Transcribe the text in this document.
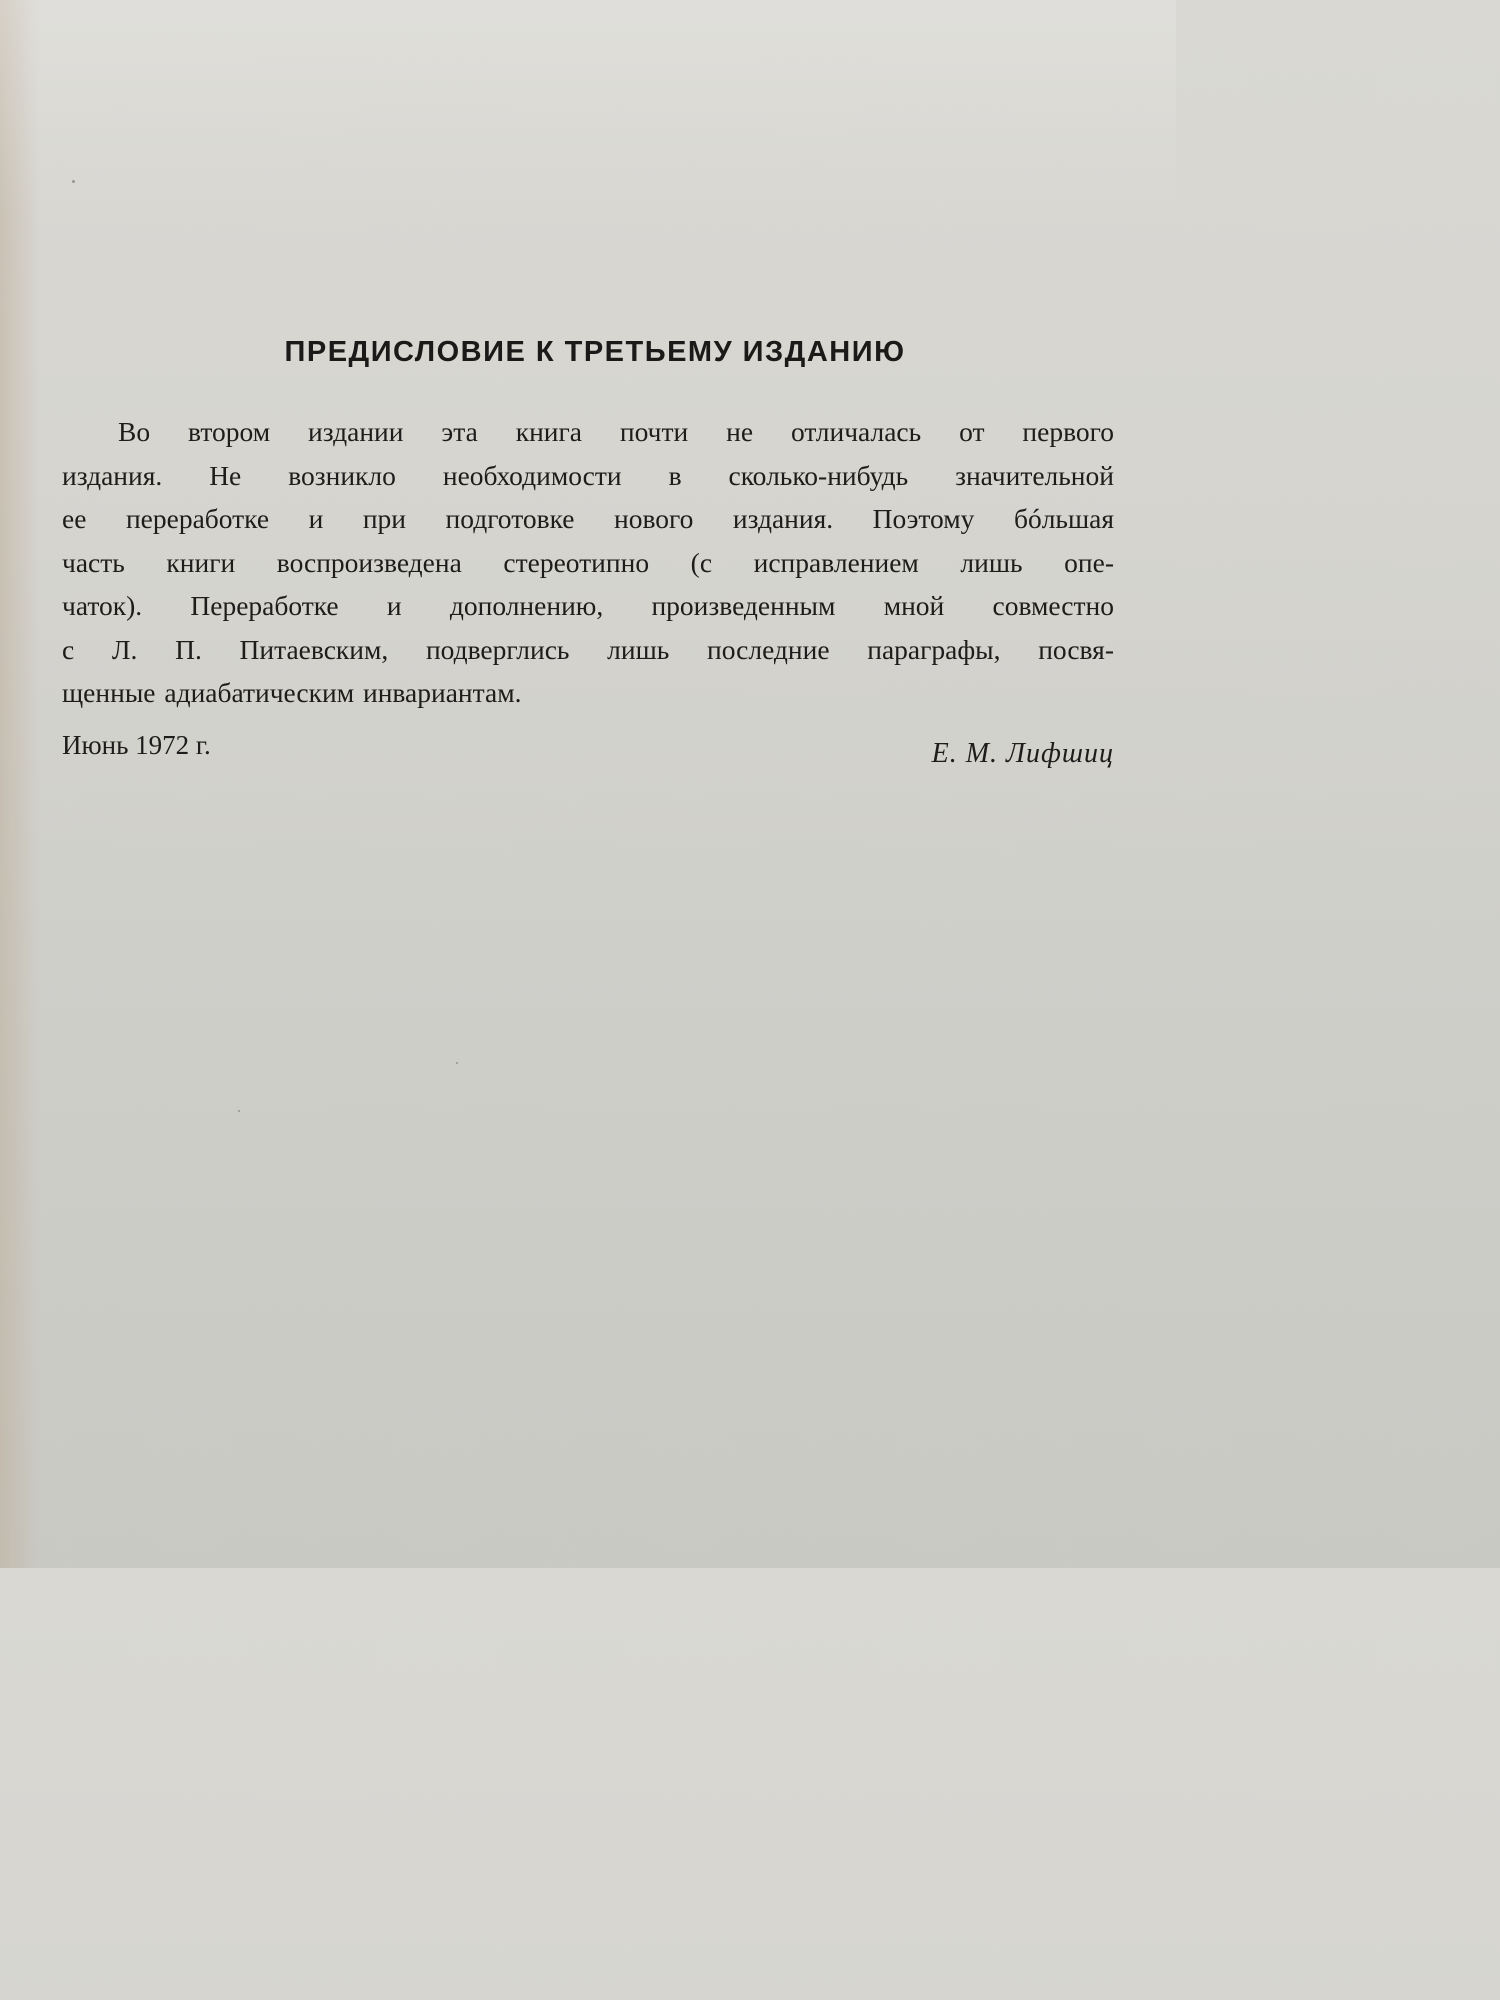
ПРЕДИСЛОВИЕ К ТРЕТЬЕМУ ИЗДАНИЮ
Во втором издании эта книга почти не отличалась от первого
издания. Не возникло необходимости в сколько-нибудь значительной
ее переработке и при подготовке нового издания. Поэтому бóльшая
часть книги воспроизведена стереотипно (с исправлением лишь опе-
чаток). Переработке и дополнению, произведенным мной совместно
с Л. П. Питаевским, подверглись лишь последние параграфы, посвя-
щенные адиабатическим инвариантам.
Июнь 1972 г.	Е. М. Лифшиц
